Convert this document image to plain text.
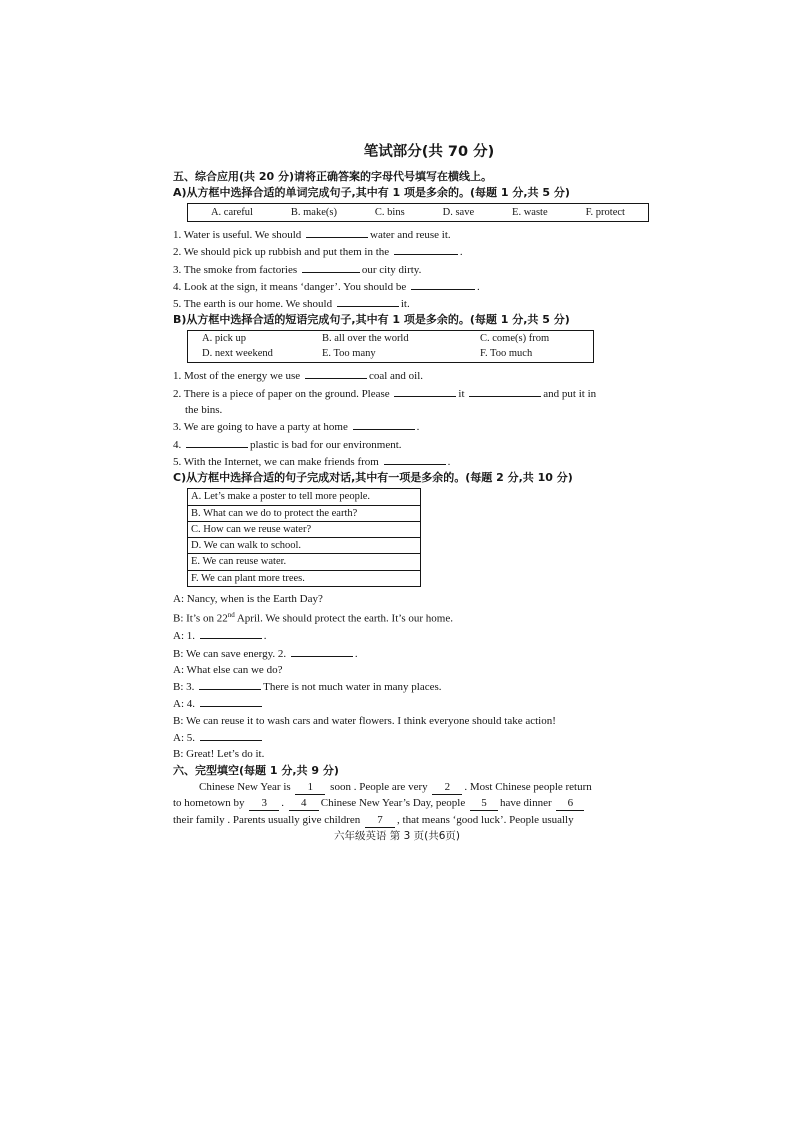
笔试部分(共 70 分)
五、综合应用(共 20 分)请将正确答案的字母代号填写在横线上。
A)从方框中选择合适的单词完成句子,其中有 1 项是多余的。(每题 1 分,共 5 分)
A. careful	B. make(s)	C. bins	D. save	E. waste	F. protect
1. Water is useful. We should	water and reuse it.
2. We should pick up rubbish and put them in the	.
3. The smoke from factories	our city dirty.
4. Look at the sign, it means ‘danger’. You should be	.
5. The earth is our home. We should	it.
B)从方框中选择合适的短语完成句子,其中有 1 项是多余的。(每题 1 分,共 5 分)
A. pick up	B. all over the world	C. come(s) from
D. next weekend	E. Too many	F. Too much
1. Most of the energy we use	coal and oil.
2. There is a piece of paper on the ground. Please	it	and put it in
the bins.
3. We are going to have a party at home	.
4.	plastic is bad for our environment.
5. With the Internet, we can make friends from	.
C)从方框中选择合适的句子完成对话,其中有一项是多余的。(每题 2 分,共 10 分)
A. Let’s make a poster to tell more people.
B. What can we do to protect the earth?
C. How can we reuse water?
D. We can walk to school.
E. We can reuse water.
F. We can plant more trees.
A: Nancy, when is the Earth Day?
B: It’s on 22nd April. We should protect the earth. It’s our home.
A: 1.	.
B: We can save energy. 2.	.
A: What else can we do?
B: 3.	There is not much water in many places.
A: 4.
B: We can reuse it to wash cars and water flowers. I think everyone should take action!
A: 5.
B: Great! Let’s do it.
六、完型填空(每题 1 分,共 9 分)
Chinese New Year is 1 soon . People are very 2 . Most Chinese people return
to hometown by 3 . 4 Chinese New Year’s Day, people 5 have dinner 6
their family . Parents usually give children 7 , that means ‘good luck’. People usually
六年级英语 第 3 页(共6页)
